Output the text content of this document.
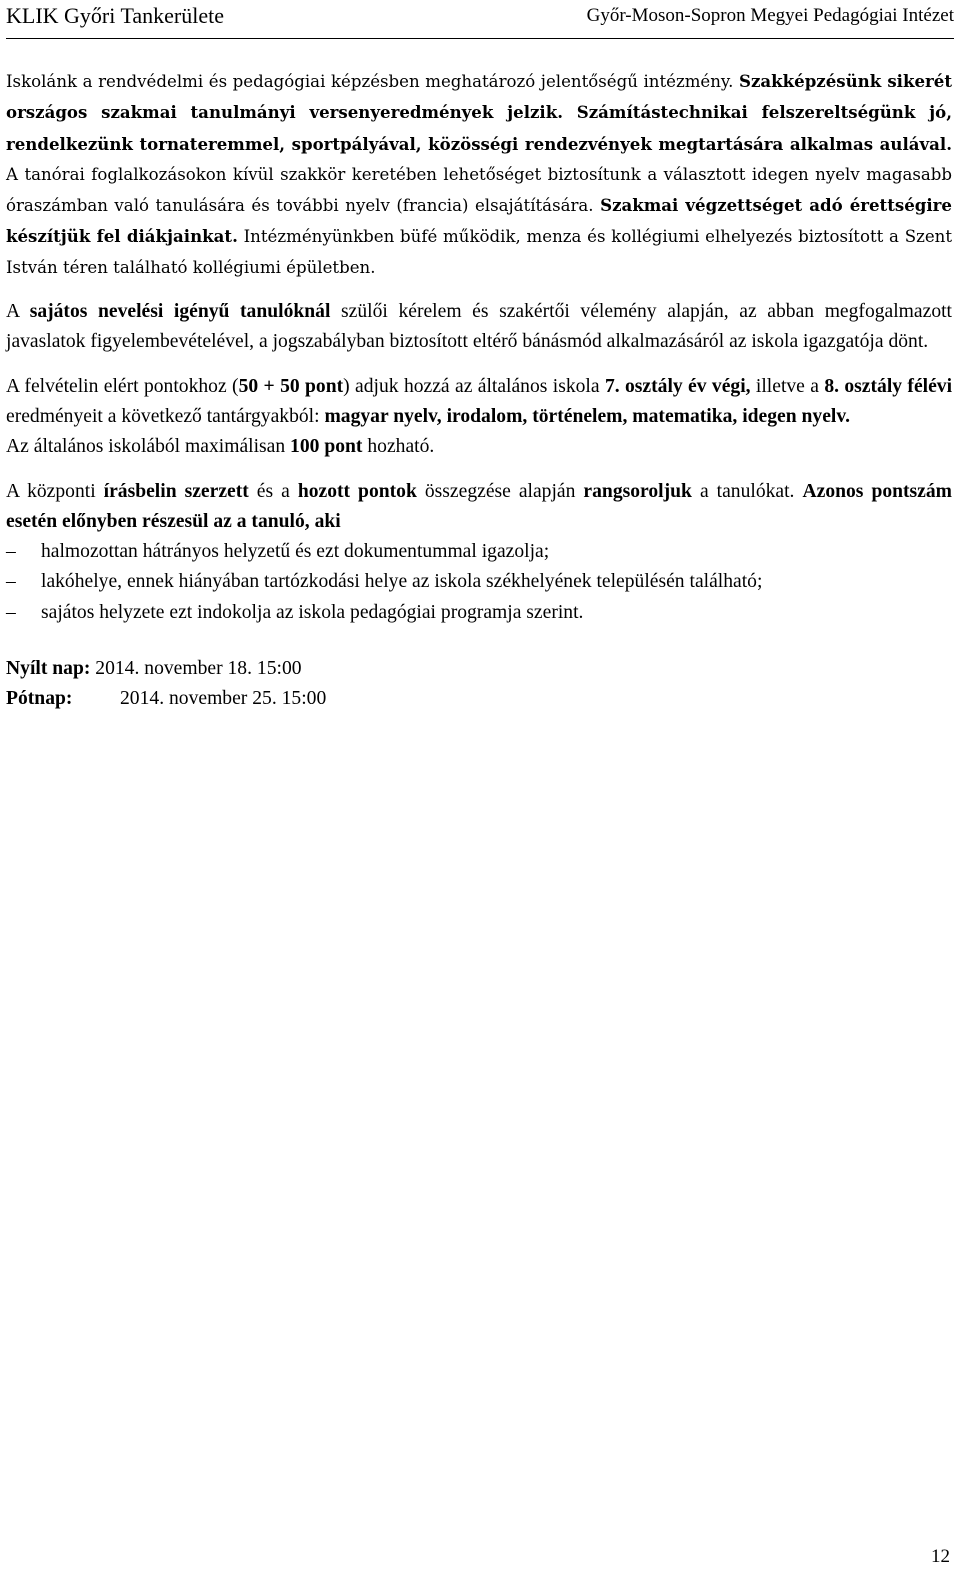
KLIK Győri Tankerülete	Győr-Moson-Sopron Megyei Pedagógiai Intézet

Iskolánk a rendvédelmi és pedagógiai képzésben meghatározó jelentőségű intézmény. Szakképzésünk sikerét országos szakmai tanulmányi versenyeredmények jelzik. Számítástechnikai felszereltségünk jó, rendelkezünk tornateremmel, sportpályával, közösségi rendezvények megtartására alkalmas aulával. A tanórai foglalkozásokon kívül szakkör keretében lehetőséget biztosítunk a választott idegen nyelv magasabb óraszámban való tanulására és további nyelv (francia) elsajátítására. Szakmai végzettséget adó érettségire készítjük fel diákjainkat. Intézményünkben büfé működik, menza és kollégiumi elhelyezés biztosított a Szent István téren található kollégiumi épületben.

A sajátos nevelési igényű tanulóknál szülői kérelem és szakértői vélemény alapján, az abban megfogalmazott javaslatok figyelembevételével, a jogszabályban biztosított eltérő bánásmód alkalmazásáról az iskola igazgatója dönt.

A felvételin elért pontokhoz (50 + 50 pont) adjuk hozzá az általános iskola 7. osztály év végi, illetve a 8. osztály félévi eredményeit a következő tantárgyakból: magyar nyelv, irodalom, történelem, matematika, idegen nyelv.

Az általános iskolából maximálisan 100 pont hozható.

A központi írásbelin szerzett és a hozott pontok összegzése alapján rangsoroljuk a tanulókat. Azonos pontszám esetén előnyben részesül az a tanuló, aki

–	halmozottan hátrányos helyzetű és ezt dokumentummal igazolja;
–	lakóhelye, ennek hiányában tartózkodási helye az iskola székhelyének településén található;
–	sajátos helyzete ezt indokolja az iskola pedagógiai programja szerint.

Nyílt nap: 2014. november 18. 15:00

Pótnap: 2014. november 25. 15:00

12
